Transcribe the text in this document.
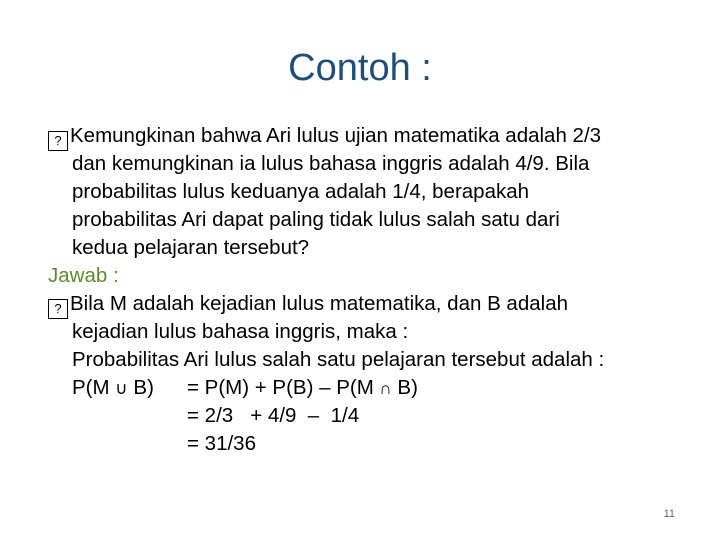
Contoh :
? Kemungkinan bahwa Ari lulus ujian matematika adalah 2/3
dan kemungkinan ia lulus bahasa inggris adalah 4/9. Bila
probabilitas lulus keduanya adalah 1/4, berapakah
probabilitas Ari dapat paling tidak lulus salah satu dari
kedua pelajaran tersebut?
Jawab :
? Bila M adalah kejadian lulus matematika, dan B adalah
kejadian lulus bahasa inggris, maka :
Probabilitas Ari lulus salah satu pelajaran tersebut adalah :
P(M ∪ B)	= P(M) + P(B) – P(M ∩ B)
= 2/3   + 4/9  –  1/4
= 31/36
11
